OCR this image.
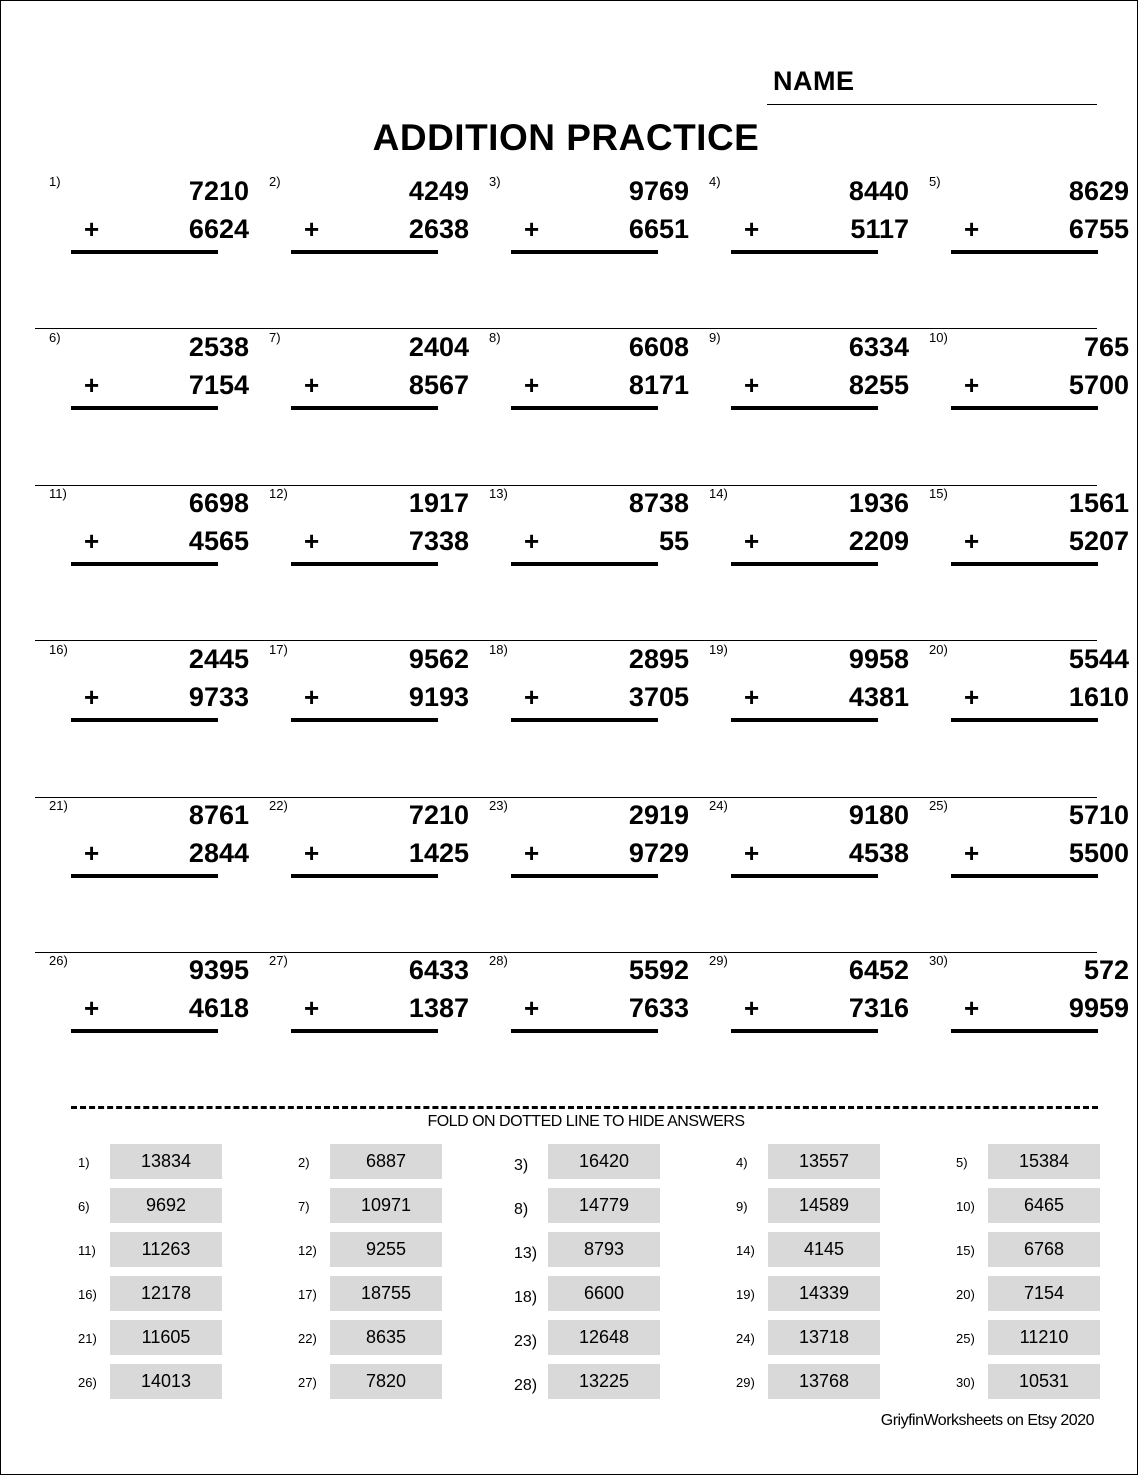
NAME
ADDITION PRACTICE
1)	7210
+	6624
2)	4249
+	2638
3)	9769
+	6651
4)	8440
+	5117
5)	8629
+	6755
6)	2538
+	7154
7)	2404
+	8567
8)	6608
+	8171
9)	6334
+	8255
10)	765
+	5700
11)	6698
+	4565
12)	1917
+	7338
13)	8738
+	55
14)	1936
+	2209
15)	1561
+	5207
16)	2445
+	9733
17)	9562
+	9193
18)	2895
+	3705
19)	9958
+	4381
20)	5544
+	1610
21)	8761
+	2844
22)	7210
+	1425
23)	2919
+	9729
24)	9180
+	4538
25)	5710
+	5500
26)	9395
+	4618
27)	6433
+	1387
28)	5592
+	7633
29)	6452
+	7316
30)	572
+	9959
FOLD ON DOTTED LINE TO HIDE ANSWERS
1)	13834	2)	6887	3)	16420	4)	13557	5)	15384
6)	9692	7)	10971	8)	14779	9)	14589	10)	6465
11)	11263	12)	9255	13)	8793	14)	4145	15)	6768
16)	12178	17)	18755	18)	6600	19)	14339	20)	7154
21)	11605	22)	8635	23)	12648	24)	13718	25)	11210
26)	14013	27)	7820	28)	13225	29)	13768	30)	10531
GriyfinWorksheets on Etsy 2020
